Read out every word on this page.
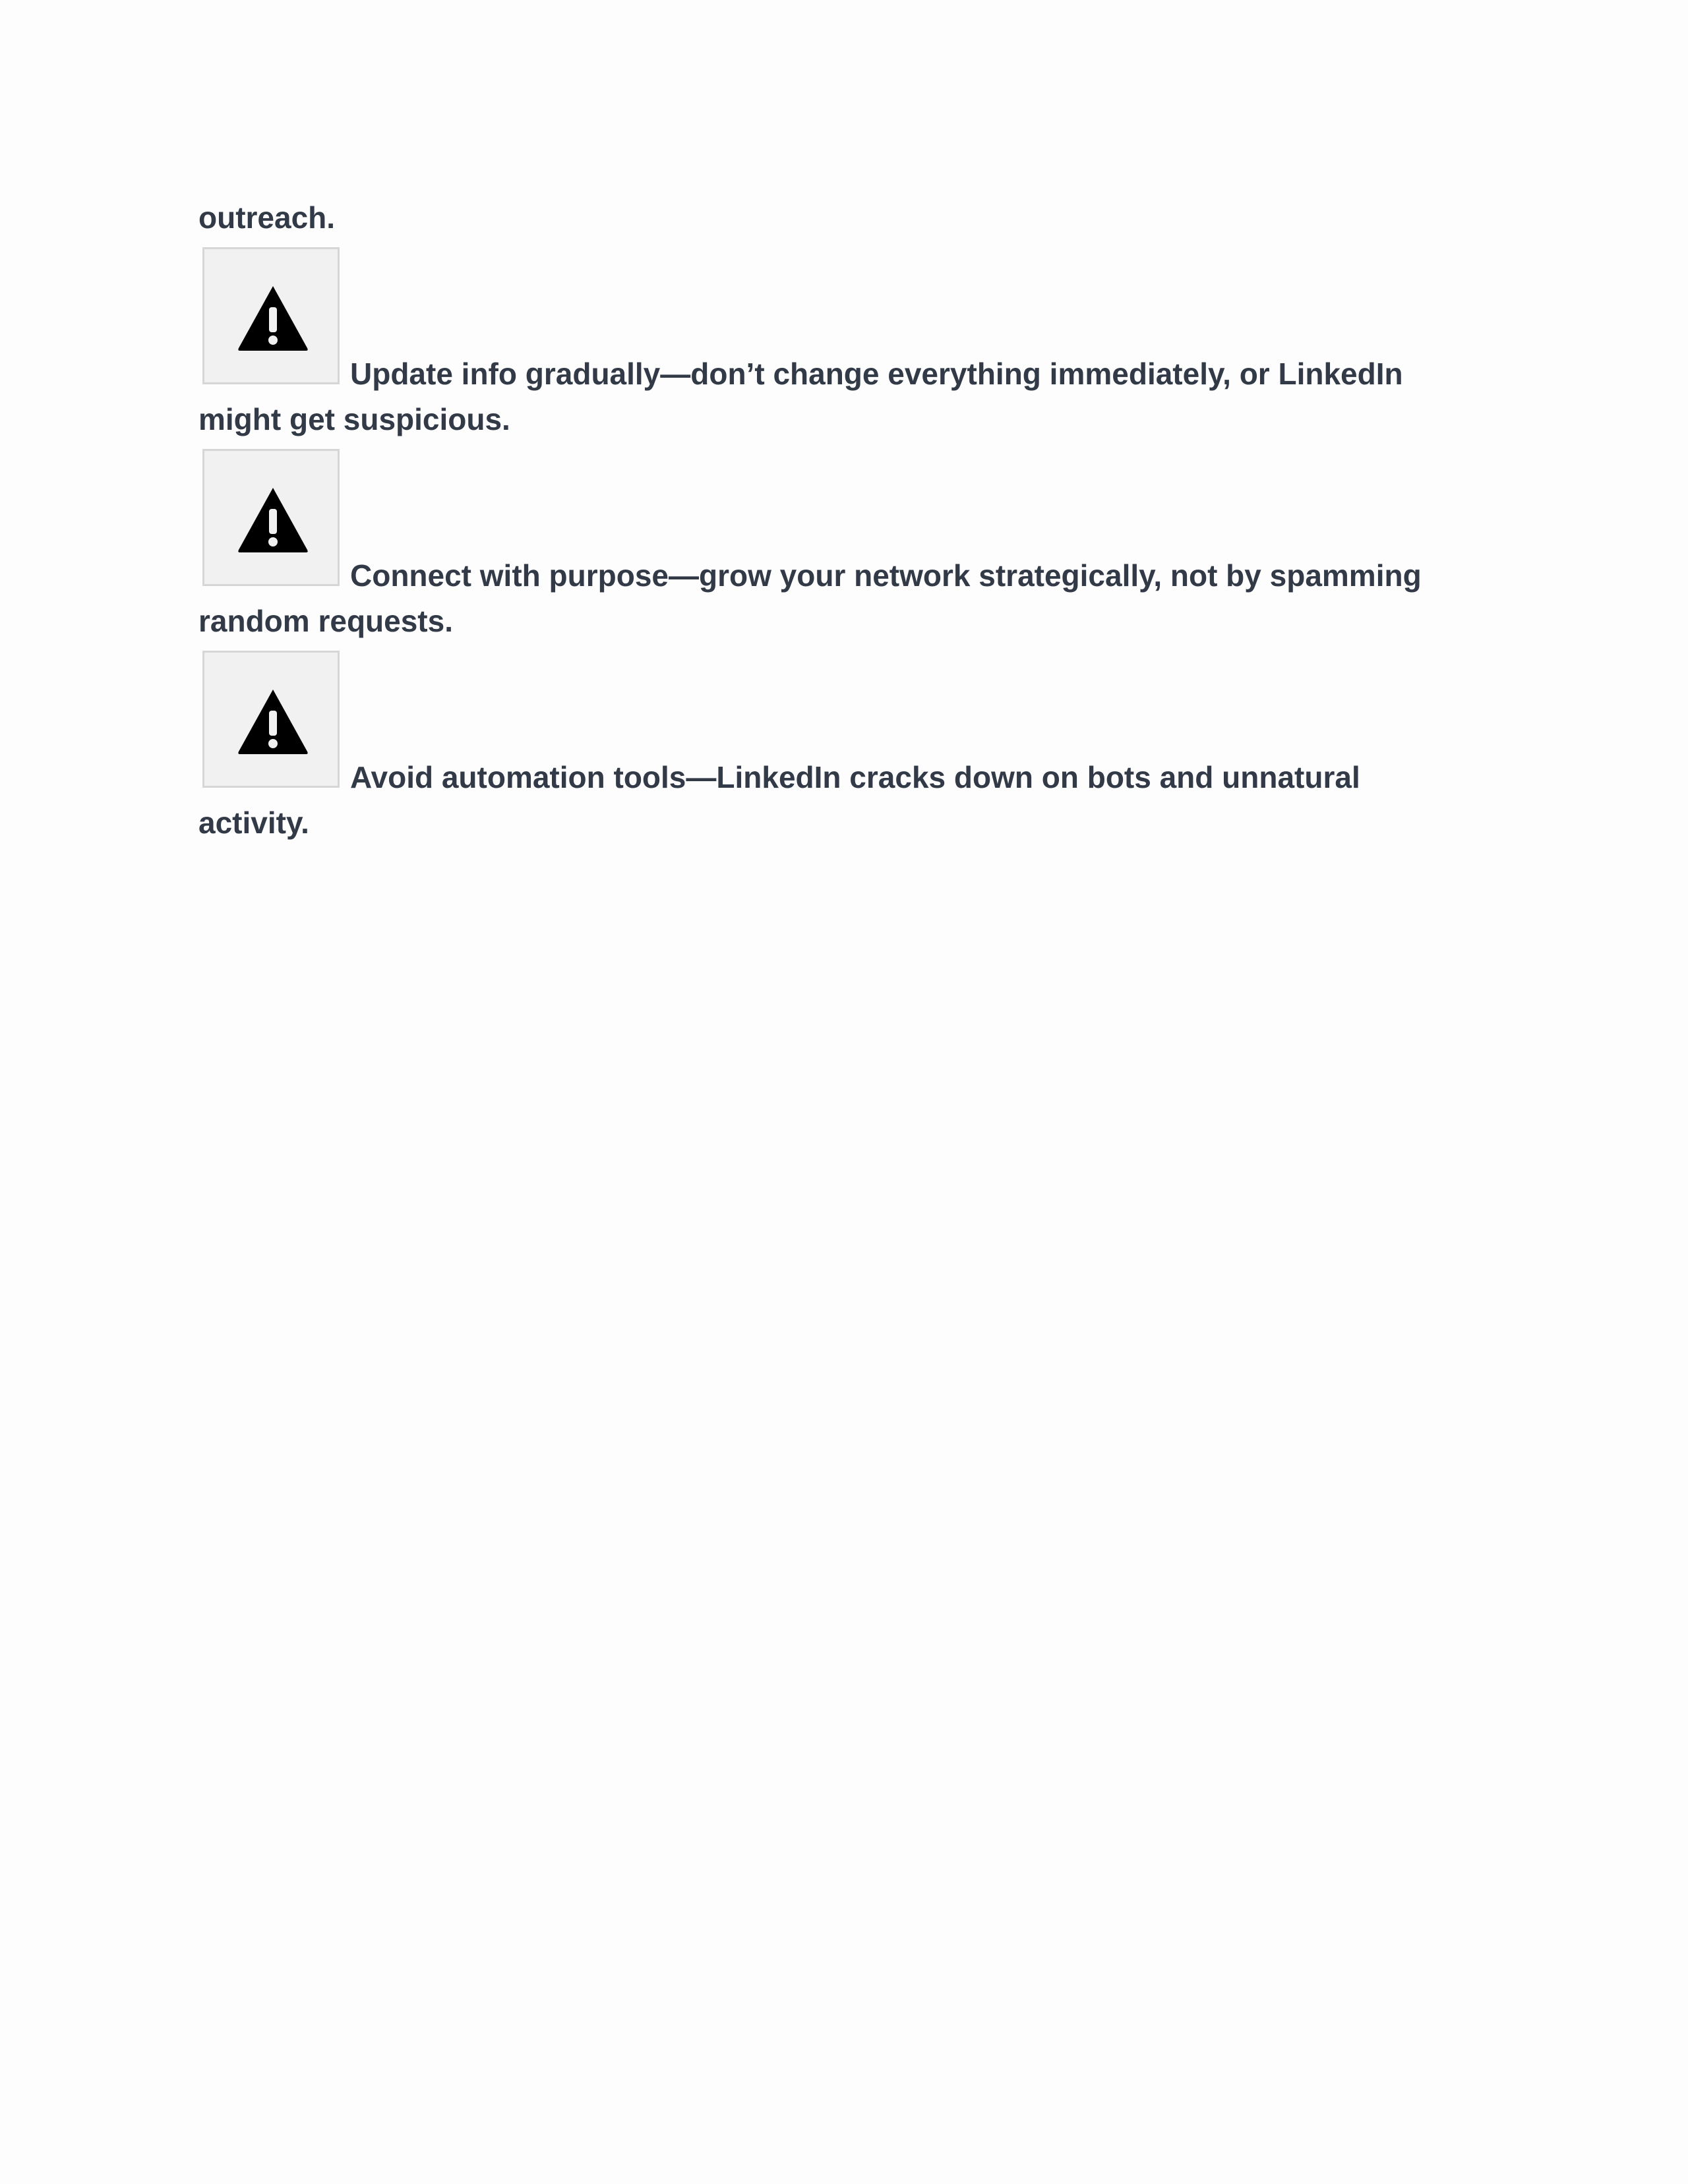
outreach.
Update info gradually—don’t change everything immediately, or LinkedIn might get suspicious.
Connect with purpose—grow your network strategically, not by spamming random requests.
Avoid automation tools—LinkedIn cracks down on bots and unnatural activity.
